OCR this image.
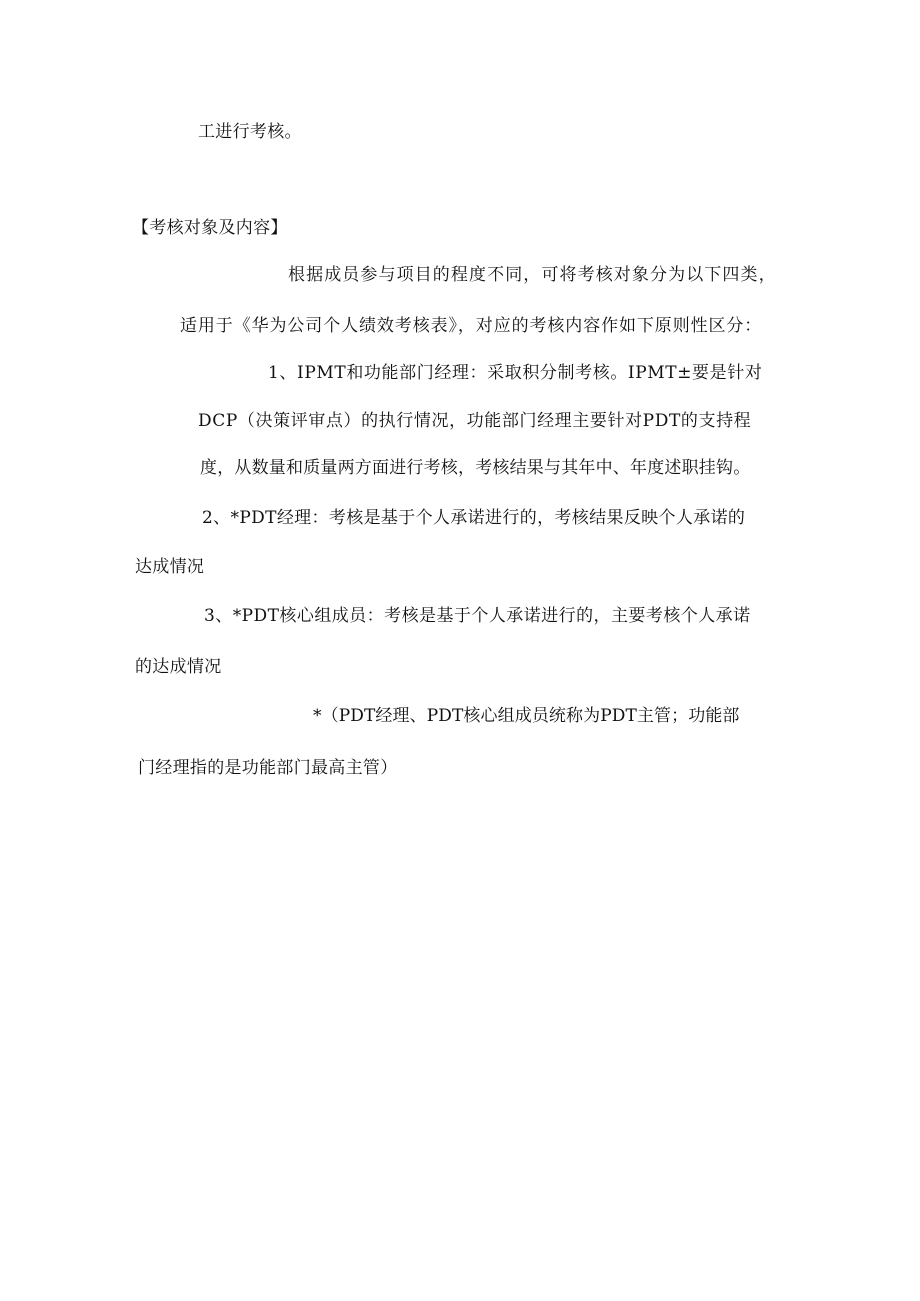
工进行考核。
【考核对象及内容】
根据成员参与项目的程度不同，可将考核对象分为以下四类，
适用于《华为公司个人绩效考核表》，对应的考核内容作如下原则性区分：
1、IPMT和功能部门经理：采取积分制考核。IPMT±要是针对
DCP（决策评审点）的执行情况，功能部门经理主要针对PDT的支持程
度，从数量和质量两方面进行考核，考核结果与其年中、年度述职挂钩。
2、*PDT经理：考核是基于个人承诺进行的，考核结果反映个人承诺的
达成情况
3、*PDT核心组成员：考核是基于个人承诺进行的，主要考核个人承诺
的达成情况
*（PDT经理、PDT核心组成员统称为PDT主管；功能部
门经理指的是功能部门最高主管）
